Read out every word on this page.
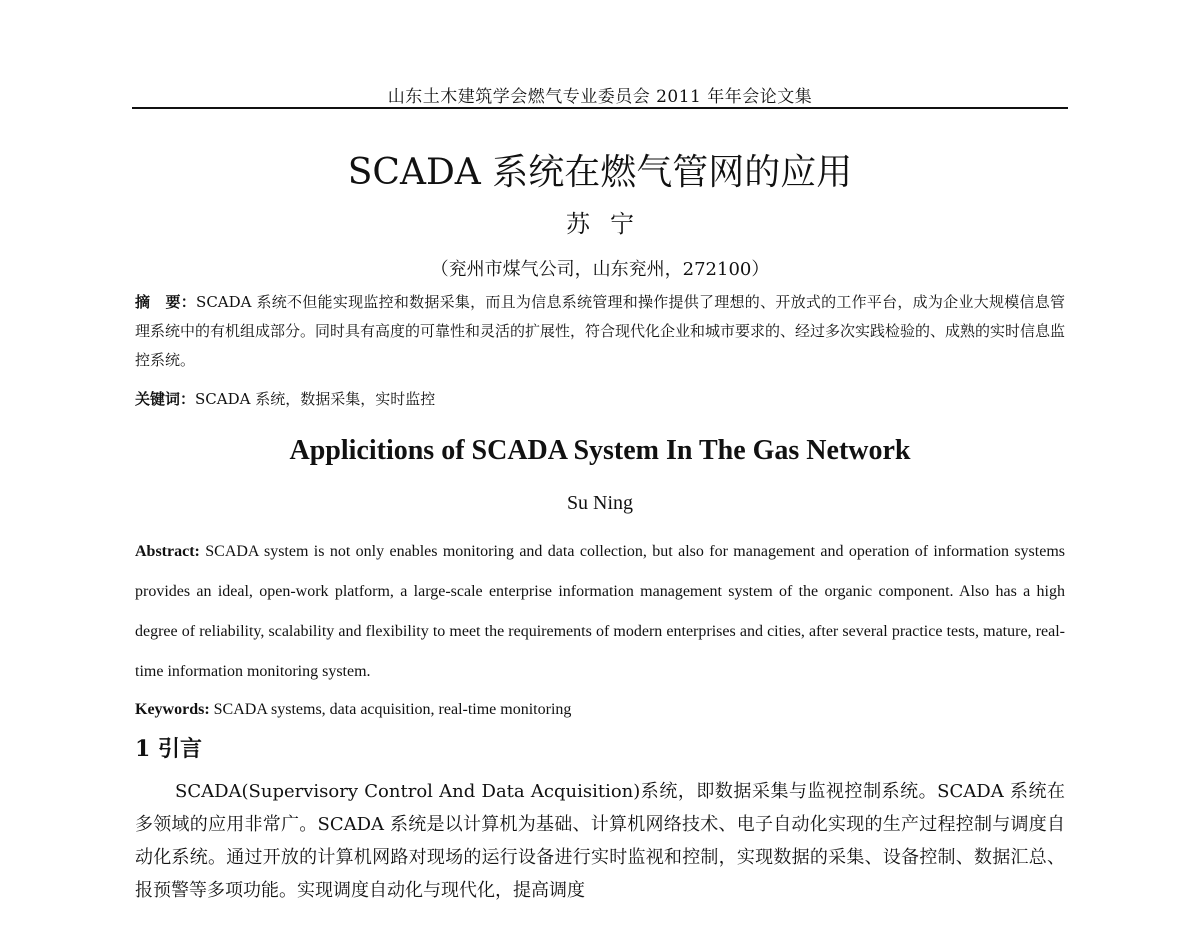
山东土木建筑学会燃气专业委员会 2011 年年会论文集
SCADA 系统在燃气管网的应用
苏宁
（兖州市煤气公司，山东兖州，272100）
摘　要：SCADA 系统不但能实现监控和数据采集，而且为信息系统管理和操作提供了理想的、开放式的工作平台，成为企业大规模信息管理系统中的有机组成部分。同时具有高度的可靠性和灵活的扩展性，符合现代化企业和城市要求的、经过多次实践检验的、成熟的实时信息监控系统。
关键词：SCADA 系统，数据采集，实时监控
Applicitions of SCADA System In The Gas Network
Su Ning
Abstract: SCADA system is not only enables monitoring and data collection, but also for management and operation of information systems provides an ideal, open-work platform, a large-scale enterprise information management system of the organic component. Also has a high degree of reliability, scalability and flexibility to meet the requirements of modern enterprises and cities, after several practice tests, mature, real-time information monitoring system.
Keywords: SCADA systems, data acquisition, real-time monitoring
1 引言
SCADA(Supervisory Control And Data Acquisition)系统，即数据采集与监视控制系统。SCADA 系统在多领域的应用非常广。SCADA 系统是以计算机为基础、计算机网络技术、电子自动化实现的生产过程控制与调度自动化系统。通过开放的计算机网路对现场的运行设备进行实时监视和控制，实现数据的采集、设备控制、数据汇总、报预警等多项功能。实现调度自动化与现代化，提高调度
